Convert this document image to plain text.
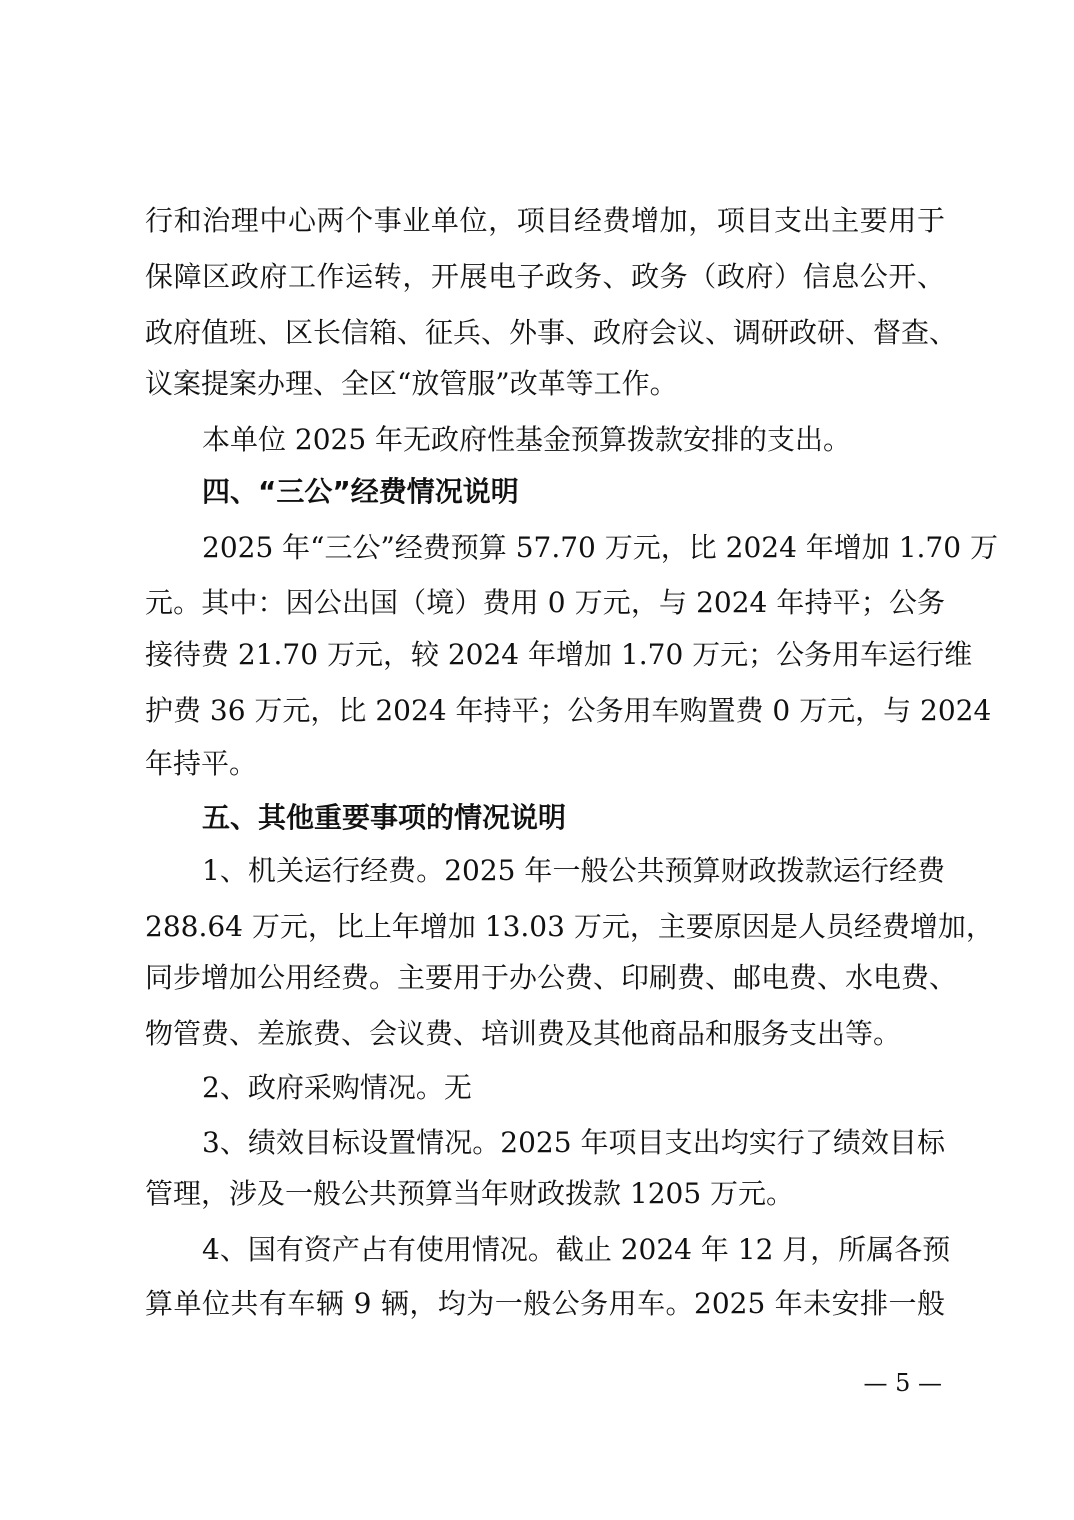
行和治理中心两个事业单位，项目经费增加，项目支出主要用于
保障区政府工作运转，开展电子政务、政务（政府）信息公开、
政府值班、区长信箱、征兵、外事、政府会议、调研政研、督查、
议案提案办理、全区“放管服”改革等工作。
本单位 2025 年无政府性基金预算拨款安排的支出。
四、“三公”经费情况说明
2025 年“三公”经费预算 57.70 万元，比 2024 年增加 1.70 万
元。其中：因公出国（境）费用 0 万元，与 2024 年持平；公务
接待费 21.70 万元，较 2024 年增加 1.70 万元；公务用车运行维
护费 36 万元，比 2024 年持平；公务用车购置费 0 万元，与 2024
年持平。
五、其他重要事项的情况说明
1、机关运行经费。2025 年一般公共预算财政拨款运行经费
288.64 万元，比上年增加 13.03 万元，主要原因是人员经费增加，
同步增加公用经费。主要用于办公费、印刷费、邮电费、水电费、
物管费、差旅费、会议费、培训费及其他商品和服务支出等。
2、政府采购情况。无
3、绩效目标设置情况。2025 年项目支出均实行了绩效目标
管理，涉及一般公共预算当年财政拨款 1205 万元。
4、国有资产占有使用情况。截止 2024 年 12 月，所属各预
算单位共有车辆 9 辆，均为一般公务用车。2025 年未安排一般
— 5 —
